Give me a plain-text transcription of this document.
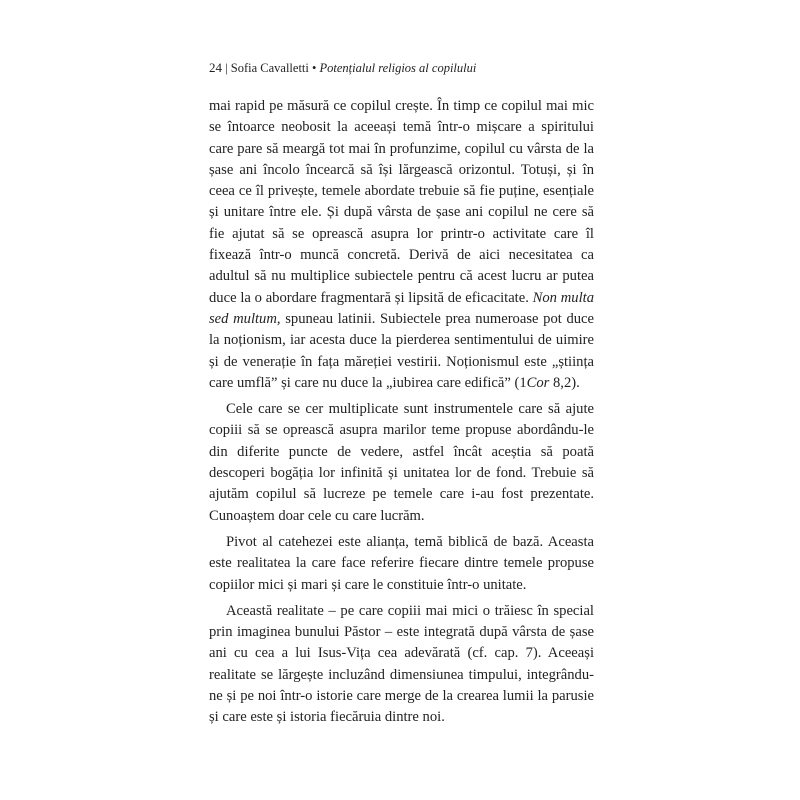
24 | Sofia Cavalletti • Potențialul religios al copilului

mai rapid pe măsură ce copilul crește. În timp ce copilul mai mic se întoarce neobosit la aceeași temă într-o mișcare a spiritului care pare să meargă tot mai în profunzime, copilul cu vârsta de la șase ani încolo încearcă să își lărgească orizontul. Totuși, și în ceea ce îl privește, temele abordate trebuie să fie puține, esențiale și unitare între ele. Și după vârsta de șase ani copilul ne cere să fie ajutat să se oprească asupra lor printr-o activitate care îl fixează într-o muncă concretă. Derivă de aici necesitatea ca adultul să nu multiplice subiectele pentru că acest lucru ar putea duce la o abordare fragmentară și lipsită de eficacitate. Non multa sed multum, spuneau latinii. Subiectele prea numeroase pot duce la noționism, iar acesta duce la pierderea sentimentului de uimire și de venerație în fața măreției vestirii. Noționismul este „știința care umflă” și care nu duce la „iubirea care edifică” (1Cor 8,2).

Cele care se cer multiplicate sunt instrumentele care să ajute copiii să se oprească asupra marilor teme propuse abordându-le din diferite puncte de vedere, astfel încât aceștia să poată descoperi bogăția lor infinită și unitatea lor de fond. Trebuie să ajutăm copilul să lucreze pe temele care i-au fost prezentate. Cunoaștem doar cele cu care lucrăm.

Pivot al catehezei este alianța, temă biblică de bază. Aceasta este realitatea la care face referire fiecare dintre temele propuse copiilor mici și mari și care le constituie într-o unitate.

Această realitate – pe care copiii mai mici o trăiesc în special prin imaginea bunului Păstor – este integrată după vârsta de șase ani cu cea a lui Isus-Vița cea adevărată (cf. cap. 7). Aceeași realitate se lărgește incluzând dimensiunea timpului, integrându-ne și pe noi într-o istorie care merge de la crearea lumii la parusie și care este și istoria fiecăruia dintre noi.
